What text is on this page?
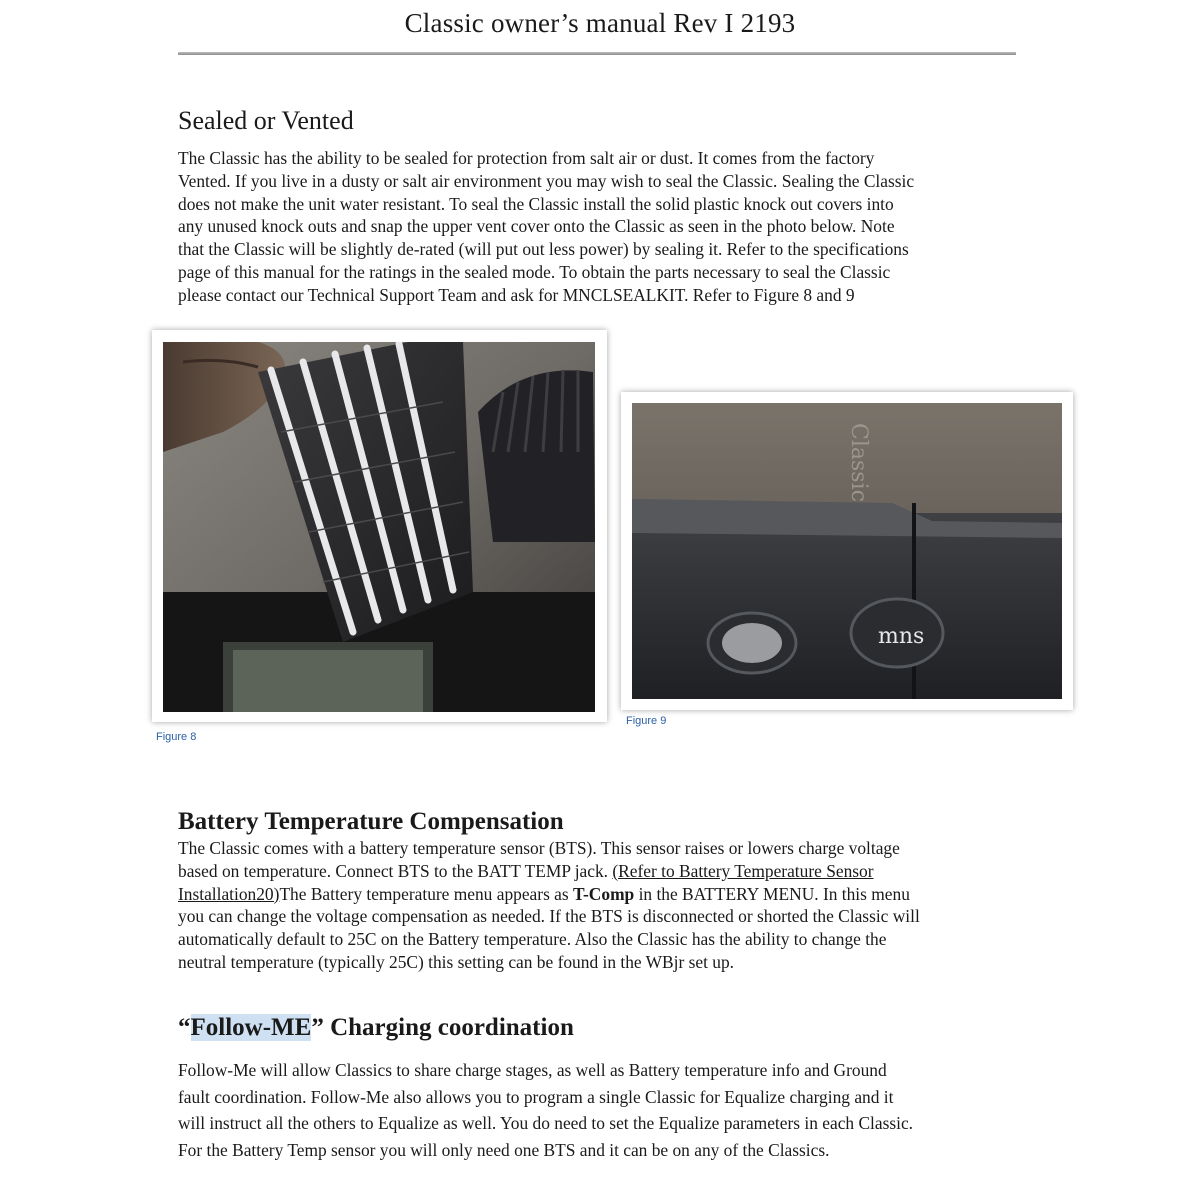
Classic owner’s manual Rev I 2193
Sealed or Vented

The Classic has the ability to be sealed for protection from salt air or dust. It comes from the factory
Vented. If you live in a dusty or salt air environment you may wish to seal the Classic. Sealing the Classic
does not make the unit water resistant. To seal the Classic install the solid plastic knock out covers into
any unused knock outs and snap the upper vent cover onto the Classic as seen in the photo below. Note
that the Classic will be slightly de-rated (will put out less power) by sealing it. Refer to the specifications
page of this manual for the ratings in the sealed mode. To obtain the parts necessary to seal the Classic
please contact our Technical Support Team and ask for MNCLSEALKIT. Refer to Figure 8 and 9

Figure 8
mns
Classic
Figure 9
Battery Temperature Compensation

The Classic comes with a battery temperature sensor (BTS). This sensor raises or lowers charge voltage
based on temperature. Connect BTS to the BATT TEMP jack. (Refer to Battery Temperature Sensor
Installation20)The Battery temperature menu appears as T-Comp in the BATTERY MENU. In this menu
you can change the voltage compensation as needed. If the BTS is disconnected or shorted the Classic will
automatically default to 25C on the Battery temperature. Also the Classic has the ability to change the
neutral temperature (typically 25C) this setting can be found in the WBjr set up.

“Follow-ME” Charging coordination

Follow-Me will allow Classics to share charge stages, as well as Battery temperature info and Ground
fault coordination. Follow-Me also allows you to program a single Classic for Equalize charging and it
will instruct all the others to Equalize as well. You do need to set the Equalize parameters in each Classic.
For the Battery Temp sensor you will only need one BTS and it can be on any of the Classics.
